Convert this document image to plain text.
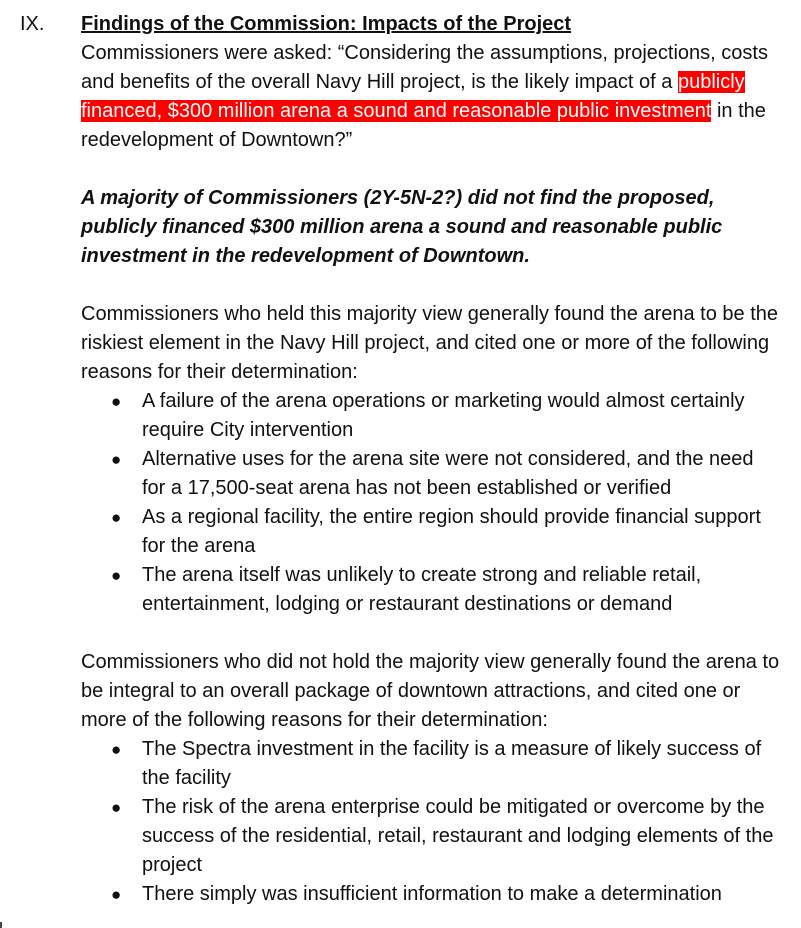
IX. Findings of the Commission: Impacts of the Project

Commissioners were asked: “Considering the assumptions, projections, costs and benefits of the overall Navy Hill project, is the likely impact of a publicly financed, $300 million arena a sound and reasonable public investment in the redevelopment of Downtown?”

A majority of Commissioners (2Y-5N-2?) did not find the proposed, publicly financed $300 million arena a sound and reasonable public investment in the redevelopment of Downtown.

Commissioners who held this majority view generally found the arena to be the riskiest element in the Navy Hill project, and cited one or more of the following reasons for their determination:

● A failure of the arena operations or marketing would almost certainly require City intervention
● Alternative uses for the arena site were not considered, and the need for a 17,500-seat arena has not been established or verified
● As a regional facility, the entire region should provide financial support for the arena
● The arena itself was unlikely to create strong and reliable retail, entertainment, lodging or restaurant destinations or demand

Commissioners who did not hold the majority view generally found the arena to be integral to an overall package of downtown attractions, and cited one or more of the following reasons for their determination:

● The Spectra investment in the facility is a measure of likely success of the facility
● The risk of the arena enterprise could be mitigated or overcome by the success of the residential, retail, restaurant and lodging elements of the project
● There simply was insufficient information to make a determination
